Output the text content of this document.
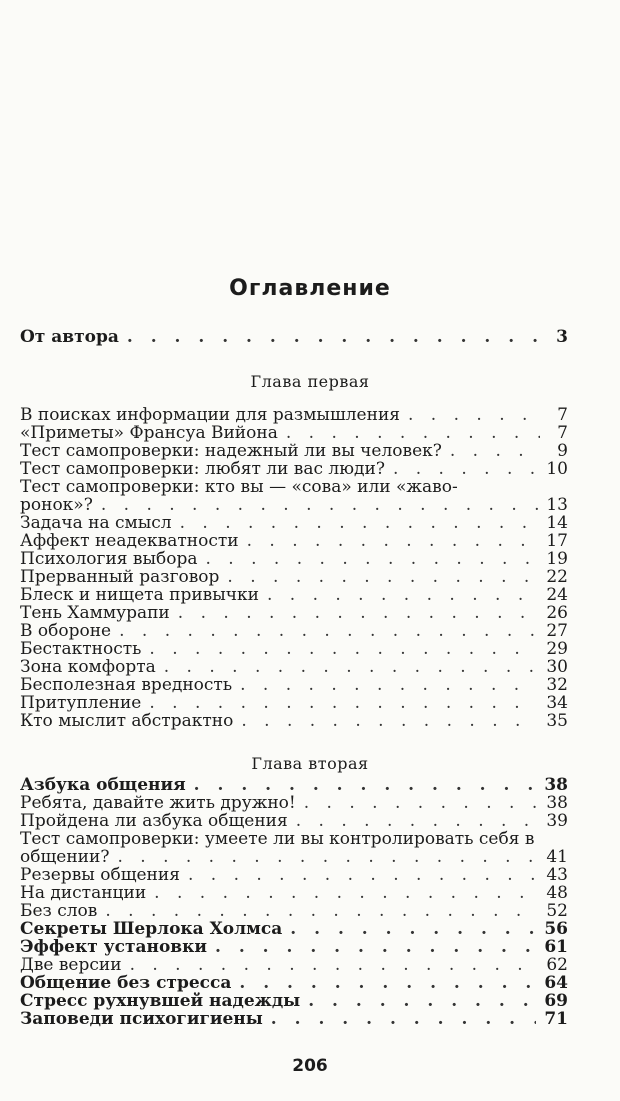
Оглавление
От автора . . .	3
Глава первая
В поисках информации для размышления . . .	7
«Приметы» Франсуа Вийона . . .	7
Тест самопроверки: надежный ли вы человек? . . .	9
Тест самопроверки: любят ли вас люди? . . .	10
Тест самопроверки: кто вы — «сова» или «жаво-
ронок»? . . .	13
Задача на смысл . . .	14
Аффект неадекватности . . .	17
Психология выбора . . .	19
Прерванный разговор . . .	22
Блеск и нищета привычки . . .	24
Тень Хаммурапи . . .	26
В обороне . . .	27
Бестактность . . .	29
Зона комфорта . . .	30
Бесполезная вредность . . .	32
Притупление . . .	34
Кто мыслит абстрактно . . .	35
Глава вторая
Азбука общения . . .	38
Ребята, давайте жить дружно! . . .	38
Пройдена ли азбука общения . . .	39
Тест самопроверки: умеете ли вы контролировать себя в
общении? . . .	41
Резервы общения . . .	43
На дистанции . . .	48
Без слов . . .	52
Секреты Шерлока Холмса . . .	56
Эффект установки . . .	61
Две версии . . .	62
Общение без стресса . . .	64
Стресс рухнувшей надежды . . .	69
Заповеди психогигиены . . .	71
206
